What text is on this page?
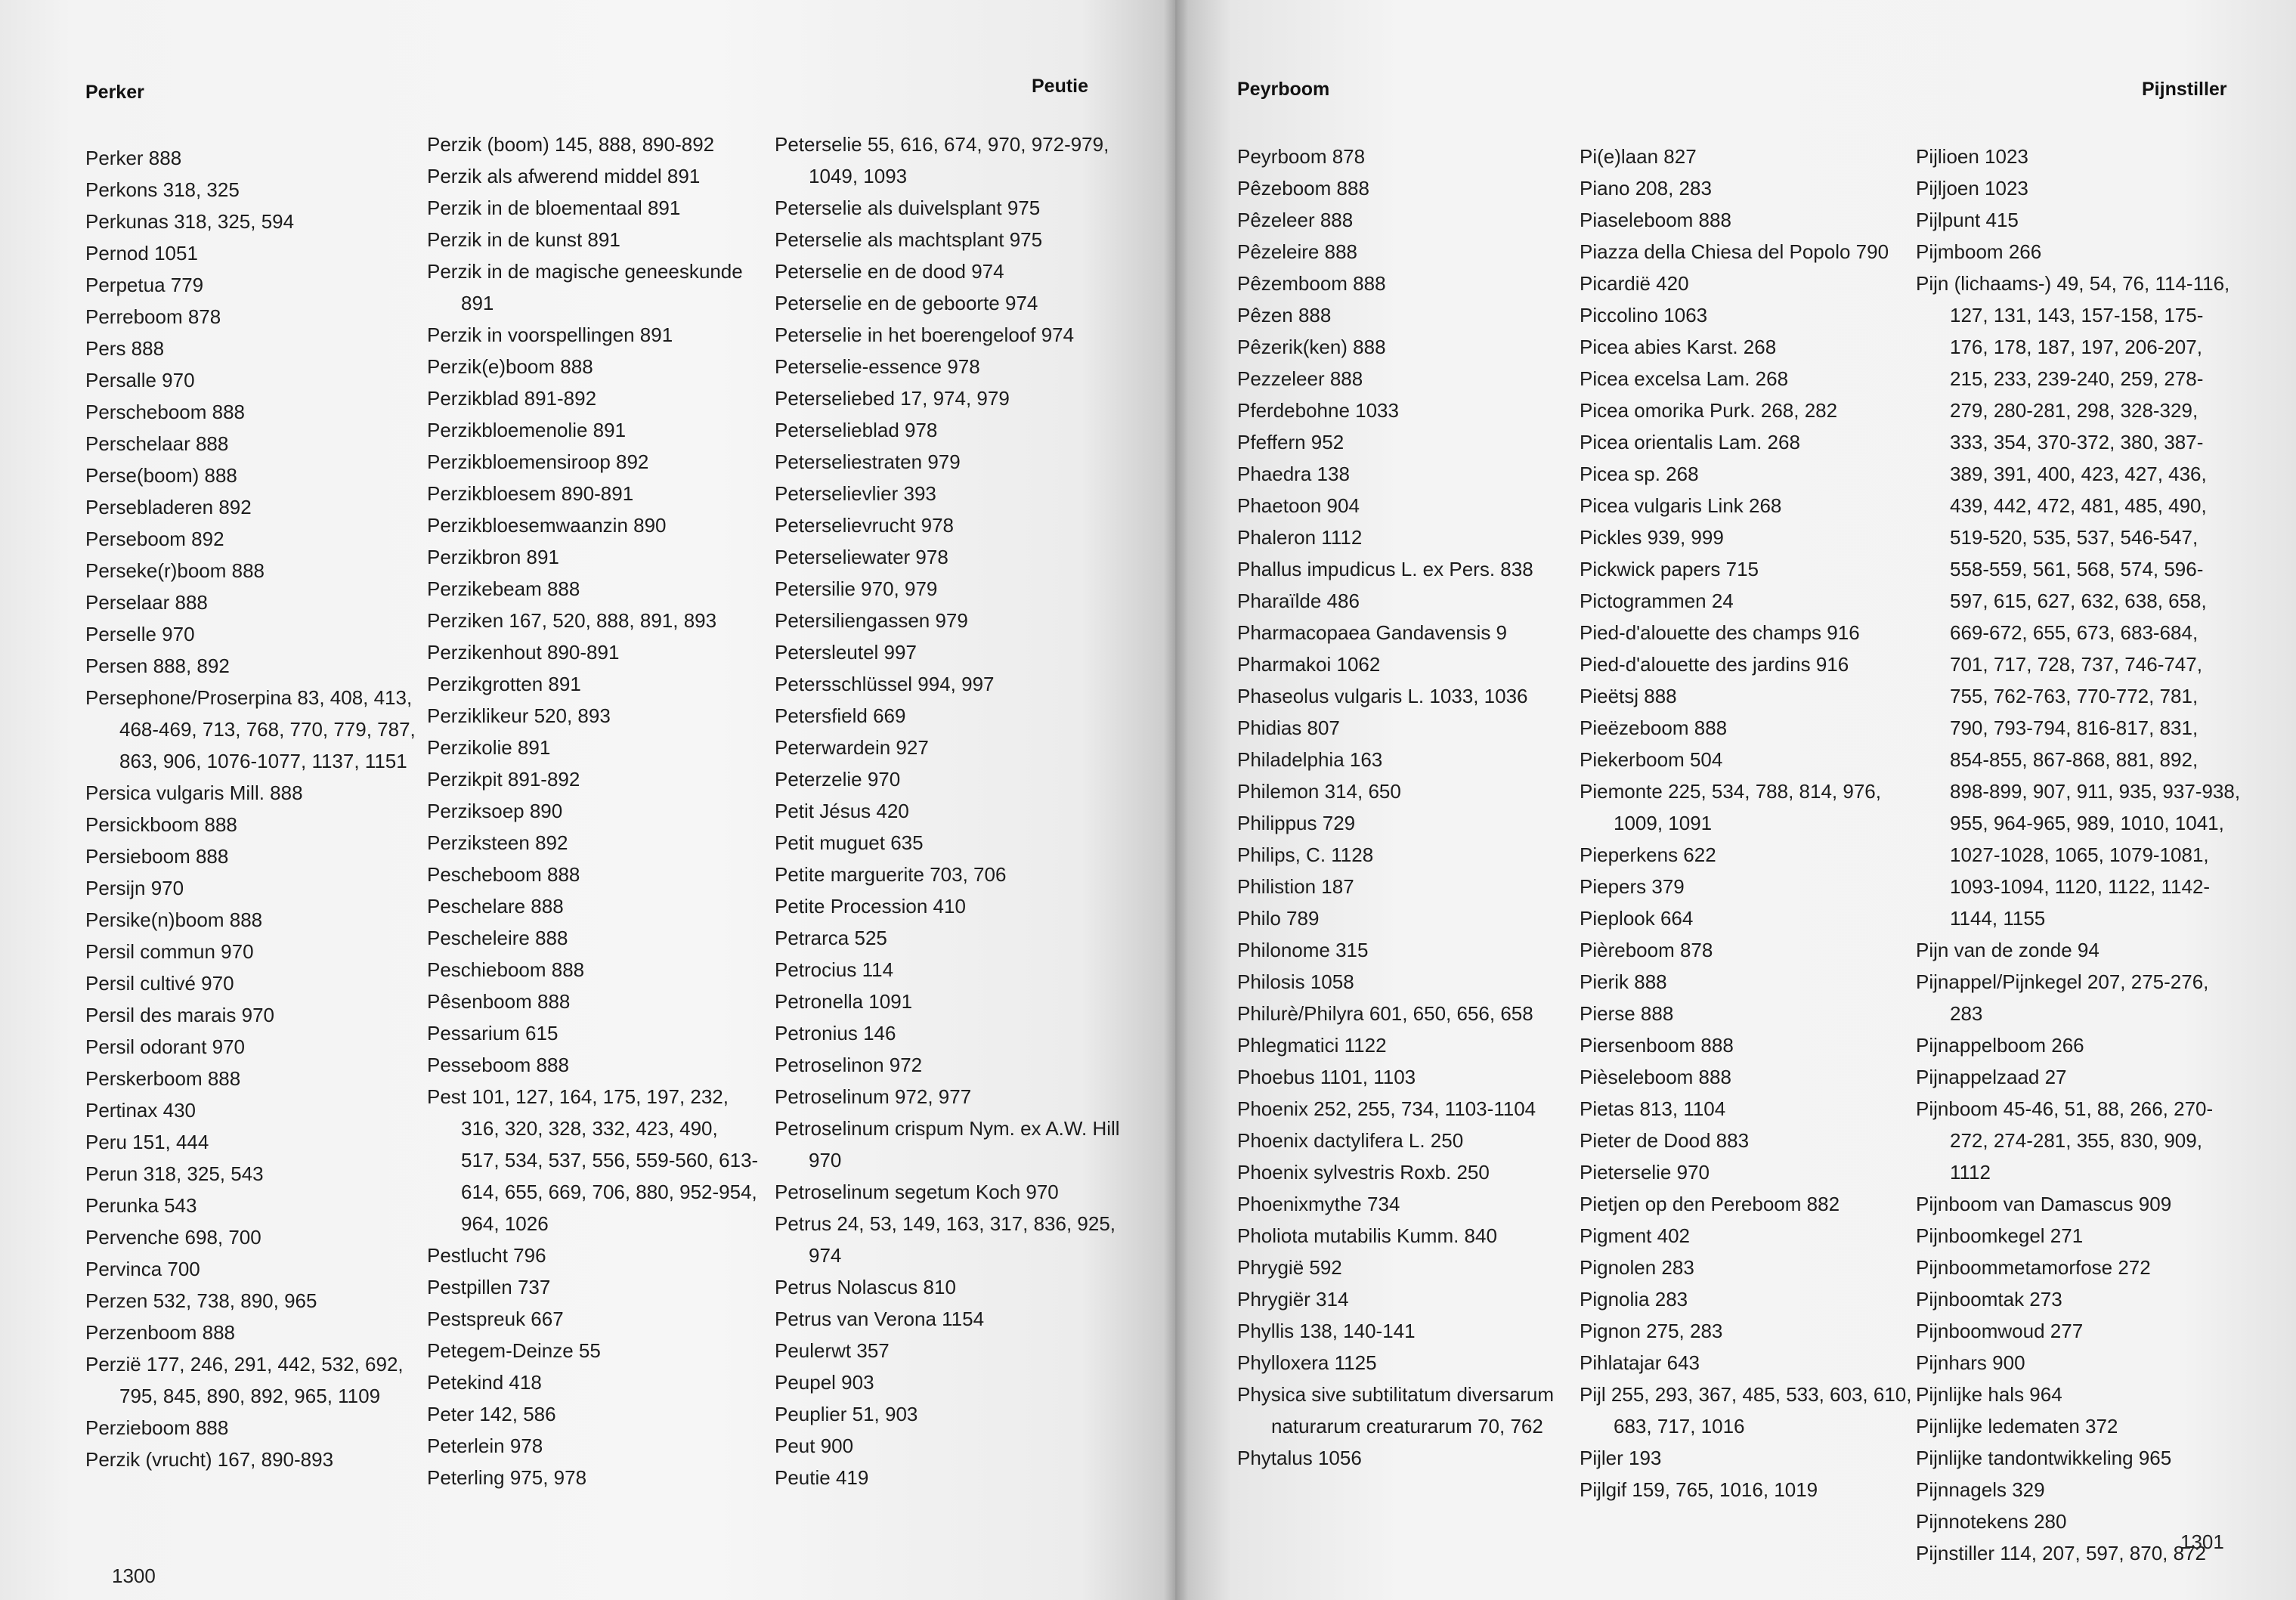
Perker	Peutie

Perker 888

Perkons 318, 325

Perkunas 318, 325, 594

Pernod 1051

Perpetua 779

Perreboom 878

Pers 888

Persalle 970

Perscheboom 888

Perschelaar 888

Perse(boom) 888

Persebladeren 892

Perseboom 892

Perseke(r)boom 888

Perselaar 888

Perselle 970

Persen 888, 892

Persephone/Proserpina 83, 408, 413, 468-469, 713, 768, 770, 779, 787, 863, 906, 1076-1077, 1137, 1151

Persica vulgaris Mill. 888

Persickboom 888

Persieboom 888

Persijn 970

Persike(n)boom 888

Persil commun 970

Persil cultivé 970

Persil des marais 970

Persil odorant 970

Perskerboom 888

Pertinax 430

Peru 151, 444

Perun 318, 325, 543

Perunka 543

Pervenche 698, 700

Pervinca 700

Perzen 532, 738, 890, 965

Perzenboom 888

Perzië 177, 246, 291, 442, 532, 692, 795, 845, 890, 892, 965, 1109

Perzieboom 888

Perzik (vrucht) 167, 890-893

Perzik (boom) 145, 888, 890-892

Perzik als afwerend middel 891

Perzik in de bloementaal 891

Perzik in de kunst 891

Perzik in de magische geneeskunde 891

Perzik in voorspellingen 891

Perzik(e)boom 888

Perzikblad 891-892

Perzikbloemenolie 891

Perzikbloemensiroop 892

Perzikbloesem 890-891

Perzikbloesemwaanzin 890

Perzikbron 891

Perzikebeam 888

Perziken 167, 520, 888, 891, 893

Perzikenhout 890-891

Perzikgrotten 891

Perziklikeur 520, 893

Perzikolie 891

Perzikpit 891-892

Perziksoep 890

Perziksteen 892

Pescheboom 888

Peschelare 888

Pescheleire 888

Peschieboom 888

Pêsenboom 888

Pessarium 615

Pesseboom 888

Pest 101, 127, 164, 175, 197, 232, 316, 320, 328, 332, 423, 490, 517, 534, 537, 556, 559-560, 613-614, 655, 669, 706, 880, 952-954, 964, 1026

Pestlucht 796

Pestpillen 737

Pestspreuk 667

Petegem-Deinze 55

Petekind 418

Peter 142, 586

Peterlein 978

Peterling 975, 978

Peterselie 55, 616, 674, 970, 972-979, 1049, 1093

Peterselie als duivelsplant 975

Peterselie als machtsplant 975

Peterselie en de dood 974

Peterselie en de geboorte 974

Peterselie in het boerengeloof 974

Peterselie-essence 978

Peterseliebed 17, 974, 979

Peterselieblad 978

Peterseliestraten 979

Peterselievlier 393

Peterselievrucht 978

Peterseliewater 978

Petersilie 970, 979

Petersiliengassen 979

Petersleutel 997

Petersschlüssel 994, 997

Petersfield 669

Peterwardein 927

Peterzelie 970

Petit Jésus 420

Petit muguet 635

Petite marguerite 703, 706

Petite Procession 410

Petrarca 525

Petrocius 114

Petronella 1091

Petronius 146

Petroselinon 972

Petroselinum 972, 977

Petroselinum crispum Nym. ex A.W. Hill 970

Petroselinum segetum Koch 970

Petrus 24, 53, 149, 163, 317, 836, 925, 974

Petrus Nolascus 810

Petrus van Verona 1154

Peulerwt 357

Peupel 903

Peuplier 51, 903

Peut 900

Peutie 419

1300
Peyrboom	Pijnstiller

Peyrboom 878

Pêzeboom 888

Pêzeleer 888

Pêzeleire 888

Pêzemboom 888

Pêzen 888

Pêzerik(ken) 888

Pezzeleer 888

Pferdebohne 1033

Pfeffern 952

Phaedra 138

Phaetoon 904

Phaleron 1112

Phallus impudicus L. ex Pers. 838

Pharaïlde 486

Pharmacopaea Gandavensis 9

Pharmakoi 1062

Phaseolus vulgaris L. 1033, 1036

Phidias 807

Philadelphia 163

Philemon 314, 650

Philippus 729

Philips, C. 1128

Philistion 187

Philo 789

Philonome 315

Philosis 1058

Philurè/Philyra 601, 650, 656, 658

Phlegmatici 1122

Phoebus 1101, 1103

Phoenix 252, 255, 734, 1103-1104

Phoenix dactylifera L. 250

Phoenix sylvestris Roxb. 250

Phoenixmythe 734

Pholiota mutabilis Kumm. 840

Phrygië 592

Phrygiër 314

Phyllis 138, 140-141

Phylloxera 1125

Physica sive subtilitatum diversarum naturarum creaturarum 70, 762

Phytalus 1056

Pi(e)laan 827

Piano 208, 283

Piaseleboom 888

Piazza della Chiesa del Popolo 790

Picardië 420

Piccolino 1063

Picea abies Karst. 268

Picea excelsa Lam. 268

Picea omorika Purk. 268, 282

Picea orientalis Lam. 268

Picea sp. 268

Picea vulgaris Link 268

Pickles 939, 999

Pickwick papers 715

Pictogrammen 24

Pied-d'alouette des champs 916

Pied-d'alouette des jardins 916

Pieëtsj 888

Pieëzeboom 888

Piekerboom 504

Piemonte 225, 534, 788, 814, 976, 1009, 1091

Pieperkens 622

Piepers 379

Pieplook 664

Pièreboom 878

Pierik 888

Pierse 888

Piersenboom 888

Pièseleboom 888

Pietas 813, 1104

Pieter de Dood 883

Pieterselie 970

Pietjen op den Pereboom 882

Pigment 402

Pignolen 283

Pignolia 283

Pignon 275, 283

Pihlatajar 643

Pijl 255, 293, 367, 485, 533, 603, 610, 683, 717, 1016

Pijler 193

Pijlgif 159, 765, 1016, 1019

Pijlioen 1023

Pijljoen 1023

Pijlpunt 415

Pijmboom 266

Pijn (lichaams-) 49, 54, 76, 114-116, 127, 131, 143, 157-158, 175-176, 178, 187, 197, 206-207, 215, 233, 239-240, 259, 278-279, 280-281, 298, 328-329, 333, 354, 370-372, 380, 387-389, 391, 400, 423, 427, 436, 439, 442, 472, 481, 485, 490, 519-520, 535, 537, 546-547, 558-559, 561, 568, 574, 596-597, 615, 627, 632, 638, 658, 669-672, 655, 673, 683-684, 701, 717, 728, 737, 746-747, 755, 762-763, 770-772, 781, 790, 793-794, 816-817, 831, 854-855, 867-868, 881, 892, 898-899, 907, 911, 935, 937-938, 955, 964-965, 989, 1010, 1041, 1027-1028, 1065, 1079-1081, 1093-1094, 1120, 1122, 1142-1144, 1155

Pijn van de zonde 94

Pijnappel/Pijnkegel 207, 275-276, 283

Pijnappelboom 266

Pijnappelzaad 27

Pijnboom 45-46, 51, 88, 266, 270-272, 274-281, 355, 830, 909, 1112

Pijnboom van Damascus 909

Pijnboomkegel 271

Pijnboommetamorfose 272

Pijnboomtak 273

Pijnboomwoud 277

Pijnhars 900

Pijnlijke hals 964

Pijnlijke ledematen 372

Pijnlijke tandontwikkeling 965

Pijnnagels 329

Pijnnotekens 280

Pijnstiller 114, 207, 597, 870, 872

1301
